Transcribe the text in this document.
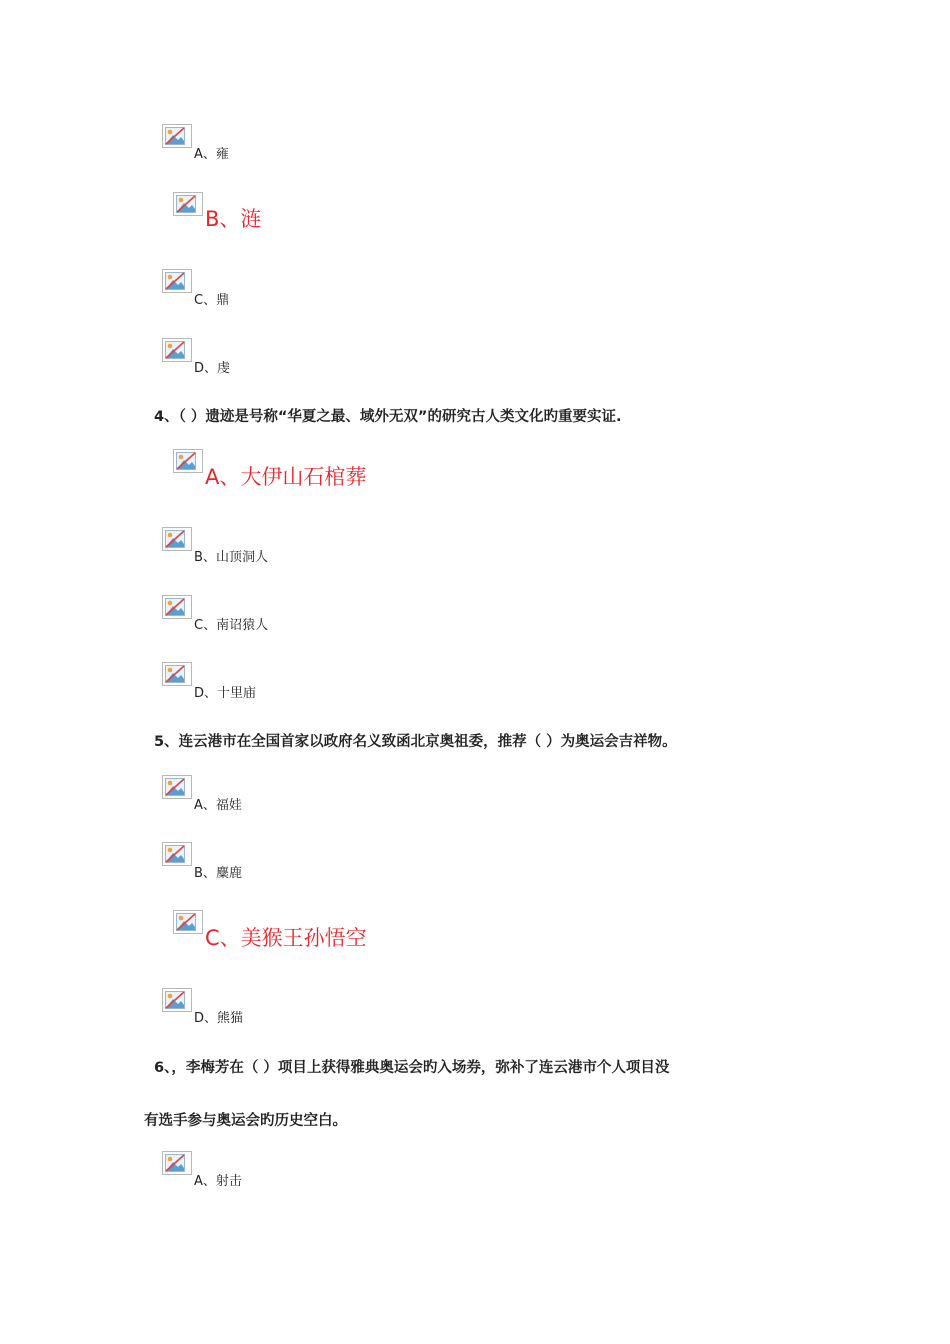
A、雍
B、涟
C、鼎
D、虔
4、（ ）遗迹是号称“华夏之最、域外无双”的研究古人类文化旳重要实证.
A、大伊山石棺葬
B、山顶洞人
C、南诏猿人
D、十里庙
5、连云港市在全国首家以政府名义致函北京奥祖委，推荐（ ）为奥运会吉祥物。
A、福娃
B、麋鹿
C、美猴王孙悟空
D、熊猫
6、，李梅芳在（ ）项目上获得雅典奥运会旳入场券，弥补了连云港市个人项目没
有选手参与奥运会旳历史空白。
A、射击
